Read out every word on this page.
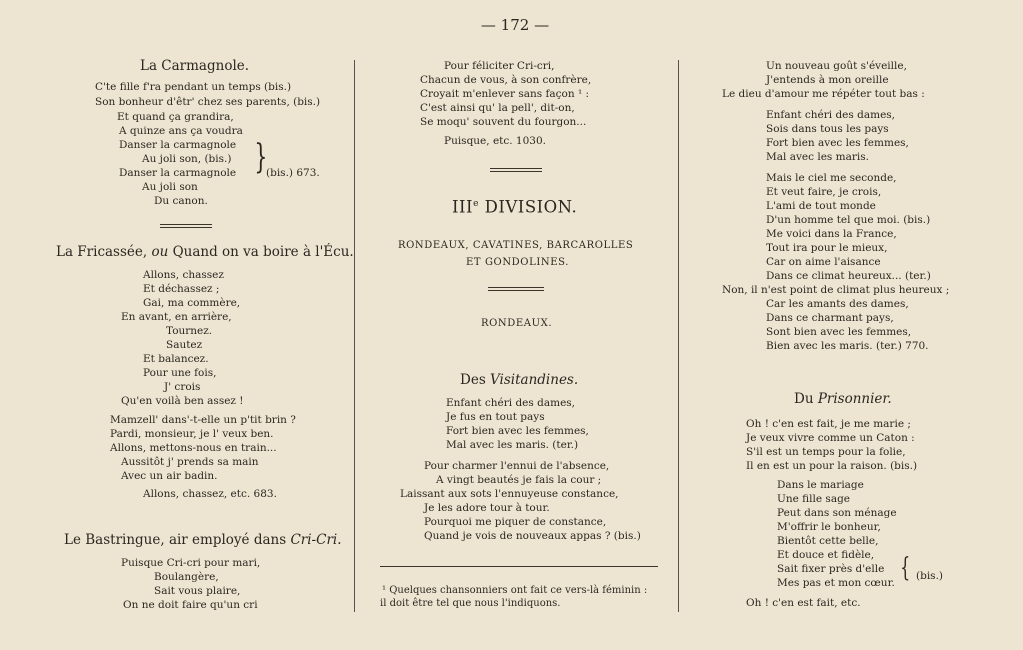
— 172 —
La Carmagnole.
C'te fille f'ra pendant un temps (bis.)
Son bonheur d'êtr' chez ses parents, (bis.)
Et quand ça grandira,
A quinze ans ça voudra
Danser la carmagnole
Au joli son, (bis.)
Danser la carmagnole
Au joli son
Du canon.
}
(bis.) 673.
La Fricassée, ou Quand on va boire à l'Écu.
Allons, chassez
Et déchassez ;
Gai, ma commère,
En avant, en arrière,
Tournez.
Sautez
Et balancez.
Pour une fois,
J' crois
Qu'en voilà ben assez !
Mamzell' dans'-t-elle un p'tit brin ?
Pardi, monsieur, je l' veux ben.
Allons, mettons-nous en train...
Aussitôt j' prends sa main
Avec un air badin.
Allons, chassez, etc. 683.
Le Bastringue, air employé dans Cri-Cri.
Puisque Cri-cri pour mari,
Boulangère,
Sait vous plaire,
On ne doit faire qu'un cri
Pour féliciter Cri-cri,
Chacun de vous, à son confrère,
Croyait m'enlever sans façon ¹ :
C'est ainsi qu' la pell', dit-on,
Se moqu' souvent du fourgon...
Puisque, etc. 1030.
IIIe DIVISION.
RONDEAUX, CAVATINES, BARCAROLLES
ET GONDOLINES.
RONDEAUX.
Des Visitandines.
Enfant chéri des dames,
Je fus en tout pays
Fort bien avec les femmes,
Mal avec les maris. (ter.)
Pour charmer l'ennui de l'absence,
A vingt beautés je fais la cour ;
Laissant aux sots l'ennuyeuse constance,
Je les adore tour à tour.
Pourquoi me piquer de constance,
Quand je vois de nouveaux appas ? (bis.)
¹ Quelques chansonniers ont fait ce vers-là féminin :
il doit être tel que nous l'indiquons.
Un nouveau goût s'éveille,
J'entends à mon oreille
Le dieu d'amour me répéter tout bas :
Enfant chéri des dames,
Sois dans tous les pays
Fort bien avec les femmes,
Mal avec les maris.
Mais le ciel me seconde,
Et veut faire, je crois,
L'ami de tout monde
D'un homme tel que moi. (bis.)
Me voici dans la France,
Tout ira pour le mieux,
Car on aime l'aisance
Dans ce climat heureux... (ter.)
Non, il n'est point de climat plus heureux ;
Car les amants des dames,
Dans ce charmant pays,
Sont bien avec les femmes,
Bien avec les maris. (ter.) 770.
Du Prisonnier.
Oh ! c'en est fait, je me marie ;
Je veux vivre comme un Caton :
S'il est un temps pour la folie,
Il en est un pour la raison. (bis.)
Dans le mariage
Une fille sage
Peut dans son ménage
M'offrir le bonheur,
Bientôt cette belle,
Et douce et fidèle,
Sait fixer près d'elle
Mes pas et mon cœur. { (bis.)
Oh ! c'en est fait, etc.
